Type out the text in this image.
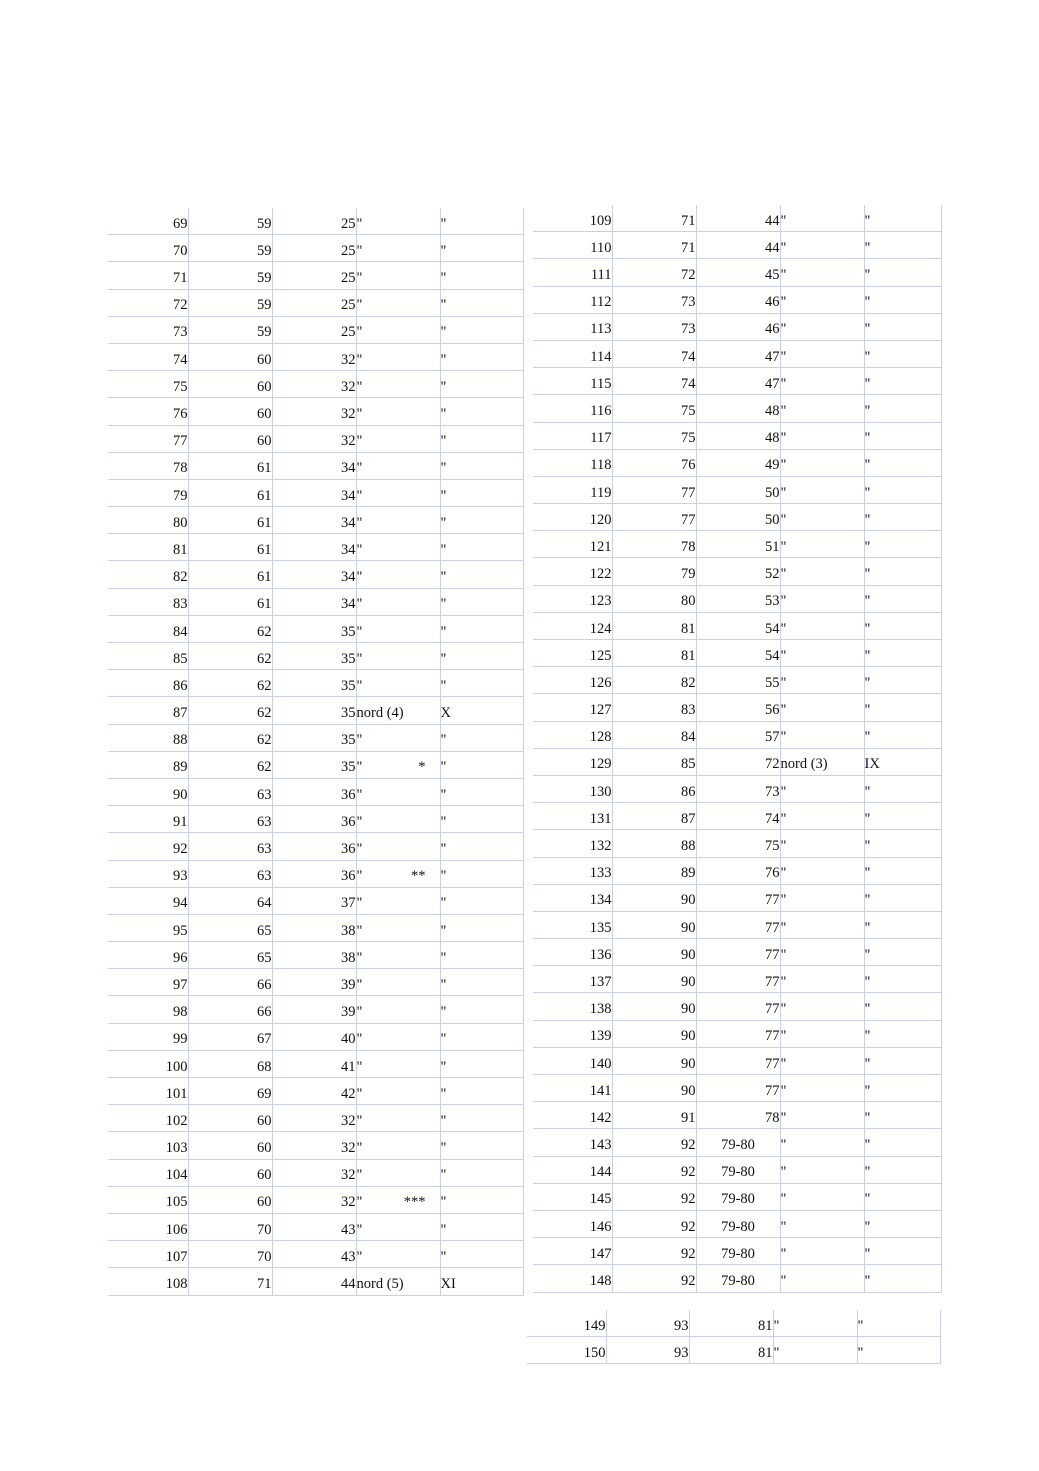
69	59	25	"	"
70	59	25	"	"
71	59	25	"	"
72	59	25	"	"
73	59	25	"	"
74	60	32	"	"
75	60	32	"	"
76	60	32	"	"
77	60	32	"	"
78	61	34	"	"
79	61	34	"	"
80	61	34	"	"
81	61	34	"	"
82	61	34	"	"
83	61	34	"	"
84	62	35	"	"
85	62	35	"	"
86	62	35	"	"
87	62	35	nord (4)	X
88	62	35	"	"
89	62	35	" *	"
90	63	36	"	"
91	63	36	"	"
92	63	36	"	"
93	63	36	" **	"
94	64	37	"	"
95	65	38	"	"
96	65	38	"	"
97	66	39	"	"
98	66	39	"	"
99	67	40	"	"
100	68	41	"	"
101	69	42	"	"
102	60	32	"	"
103	60	32	"	"
104	60	32	"	"
105	60	32	" ***	"
106	70	43	"	"
107	70	43	"	"
108	71	44	nord (5)	XI
109	71	44	"	"
110	71	44	"	"
111	72	45	"	"
112	73	46	"	"
113	73	46	"	"
114	74	47	"	"
115	74	47	"	"
116	75	48	"	"
117	75	48	"	"
118	76	49	"	"
119	77	50	"	"
120	77	50	"	"
121	78	51	"	"
122	79	52	"	"
123	80	53	"	"
124	81	54	"	"
125	81	54	"	"
126	82	55	"	"
127	83	56	"	"
128	84	57	"	"
129	85	72	nord (3)	IX
130	86	73	"	"
131	87	74	"	"
132	88	75	"	"
133	89	76	"	"
134	90	77	"	"
135	90	77	"	"
136	90	77	"	"
137	90	77	"	"
138	90	77	"	"
139	90	77	"	"
140	90	77	"	"
141	90	77	"	"
142	91	78	"	"
143	92	79-80	"	"
144	92	79-80	"	"
145	92	79-80	"	"
146	92	79-80	"	"
147	92	79-80	"	"
148	92	79-80	"	"
149	93	81	"	"
150	93	81	"	"
